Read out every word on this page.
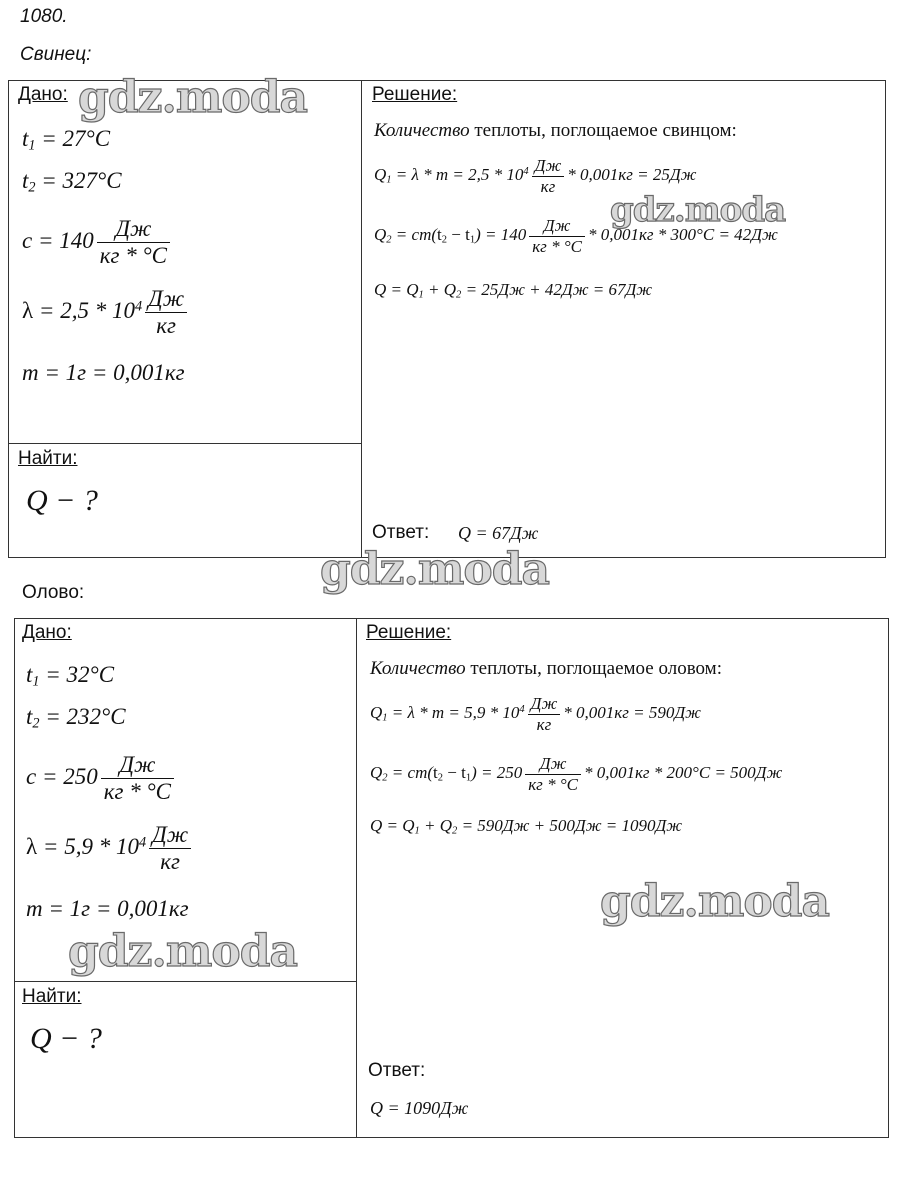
1080.
Свинец:
Дано:
$t_1 = 27^\circ C$
$t_2 = 327^\circ C$
$c = 140 \frac{Дж}{кг * ^\circ C}$
$\lambda = 2,5 * 10^4 \frac{Дж}{кг}$
m = 1г = 0,001кг
Найти:
Q − ?
Решение:
Количество теплоты, поглощаемое свинцом:
$Q_1 = \lambda * m = 2,5 * 10^4 \frac{Дж}{кг} * 0,001кг = 25Дж$
$Q_2 = cm(t_2 - t_1) = 140 \frac{Дж}{кг * ^\circ C} * 0,001кг * 300^\circ C = 42Дж$
$Q = Q_1 + Q_2 = 25Дж + 42Дж = 67Дж$
Ответ: Q = 67Дж
Олово:
Дано:
$t_1 = 32^\circ C$
$t_2 = 232^\circ C$
$c = 250 \frac{Дж}{кг * ^\circ C}$
$\lambda = 5,9 * 10^4 \frac{Дж}{кг}$
m = 1г = 0,001кг
Найти:
Q − ?
Решение:
Количество теплоты, поглощаемое оловом:
$Q_1 = \lambda * m = 5,9 * 10^4 \frac{Дж}{кг} * 0,001кг = 590Дж$
$Q_2 = cm(t_2 - t_1) = 250 \frac{Дж}{кг * ^\circ C} * 0,001кг * 200^\circ C = 500Дж$
$Q = Q_1 + Q_2 = 590Дж + 500Дж = 1090Дж$
Ответ:
Q = 1090Дж
gdz.moda
gdz.moda
gdz.moda
gdz.moda
gdz.moda
